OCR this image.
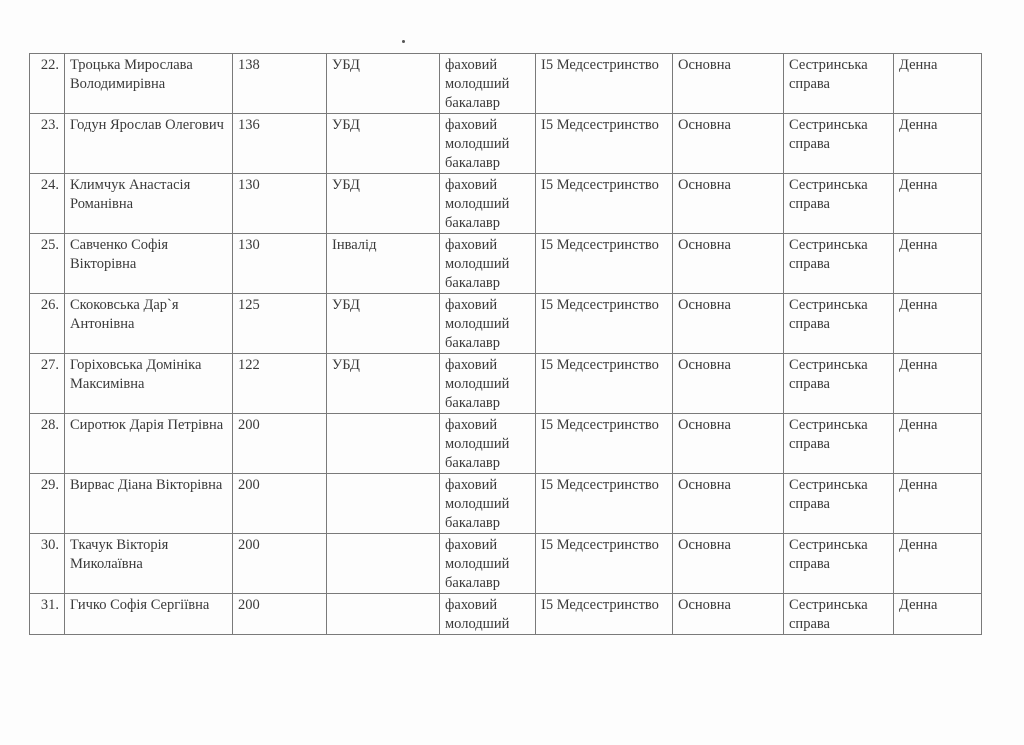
22.	Троцька Мирослава Володимирівна	138	УБД	фаховий молодший бакалавр	I5 Медсестринство	Основна	Сестринська справа	Денна
23.	Годун Ярослав Олегович	136	УБД	фаховий молодший бакалавр	I5 Медсестринство	Основна	Сестринська справа	Денна
24.	Климчук Анастасія Романівна	130	УБД	фаховий молодший бакалавр	I5 Медсестринство	Основна	Сестринська справа	Денна
25.	Савченко Софія Вікторівна	130	Інвалід	фаховий молодший бакалавр	I5 Медсестринство	Основна	Сестринська справа	Денна
26.	Скоковська Дар`я Антонівна	125	УБД	фаховий молодший бакалавр	I5 Медсестринство	Основна	Сестринська справа	Денна
27.	Горіховська Домініка Максимівна	122	УБД	фаховий молодший бакалавр	I5 Медсестринство	Основна	Сестринська справа	Денна
28.	Сиротюк Дарія Петрівна	200		фаховий молодший бакалавр	I5 Медсестринство	Основна	Сестринська справа	Денна
29.	Вирвас Діана Вікторівна	200		фаховий молодший бакалавр	I5 Медсестринство	Основна	Сестринська справа	Денна
30.	Ткачук Вікторія Миколаївна	200		фаховий молодший бакалавр	I5 Медсестринство	Основна	Сестринська справа	Денна
31.	Гичко Софія Сергіївна	200		фаховий молодший	I5 Медсестринство	Основна	Сестринська справа	Денна
